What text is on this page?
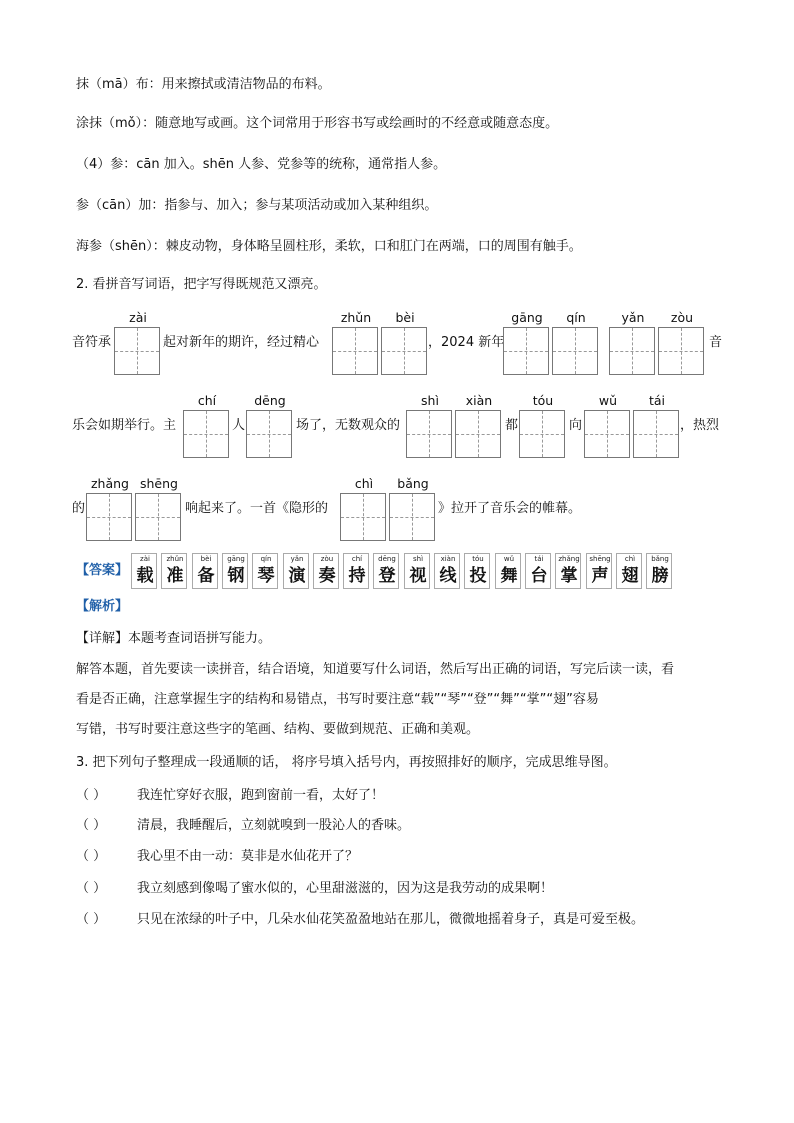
抹（mā）布：用来擦拭或清洁物品的布料。
涂抹（mǒ）：随意地写或画。这个词常用于形容书写或绘画时的不经意或随意态度。
（4）参：cān 加入。shēn 人参、党参等的统称，通常指人参。
参（cān）加：指参与、加入；参与某项活动或加入某种组织。
海参（shēn）：棘皮动物，身体略呈圆柱形，柔软，口和肛门在两端，口的周围有触手。
2. 看拼音写词语，把字写得既规范又漂亮。
zài	zhǔn	bèi	gāng	qín	yǎn	zòu
音符承	起对新年的期许，经过精心	，2024 新年	音
chí	dēng	shì	xiàn	tóu	wǔ	tái
乐会如期举行。主	人	场了，无数观众的	都	向	，热烈
zhǎng shēng	chì	bǎng
的	响起来了。一首《隐形的	》拉开了音乐会的帷幕。
【答案】
zài
载
zhǔn
准
bèi
备
gāng
钢
qín
琴
yǎn
演
zòu
奏
chí
持
dēng
登
shì
视
xiàn
线
tóu
投
wǔ
舞
tái
台
zhǎng
掌
shēng
声
chì
翅
bǎng
膀
【解析】
【详解】本题考查词语拼写能力。
解答本题，首先要读一读拼音，结合语境，知道要写什么词语，然后写出正确的词语，写完后读一读，看
看是否正确，注意掌握生字的结构和易错点，书写时要注意“载”“琴”“登”“舞”“掌”“翅”容易
写错，书写时要注意这些字的笔画、结构、要做到规范、正确和美观。
3. 把下列句子整理成一段通顺的话， 将序号填入括号内，再按照排好的顺序，完成思维导图。
（ ） 我连忙穿好衣服，跑到窗前一看，太好了！
（ ） 清晨，我睡醒后，立刻就嗅到一股沁人的香味。
（ ） 我心里不由一动：莫非是水仙花开了？
（ ） 我立刻感到像喝了蜜水似的，心里甜滋滋的，因为这是我劳动的成果啊！
（ ） 只见在浓绿的叶子中，几朵水仙花笑盈盈地站在那儿，微微地摇着身子，真是可爱至极。
